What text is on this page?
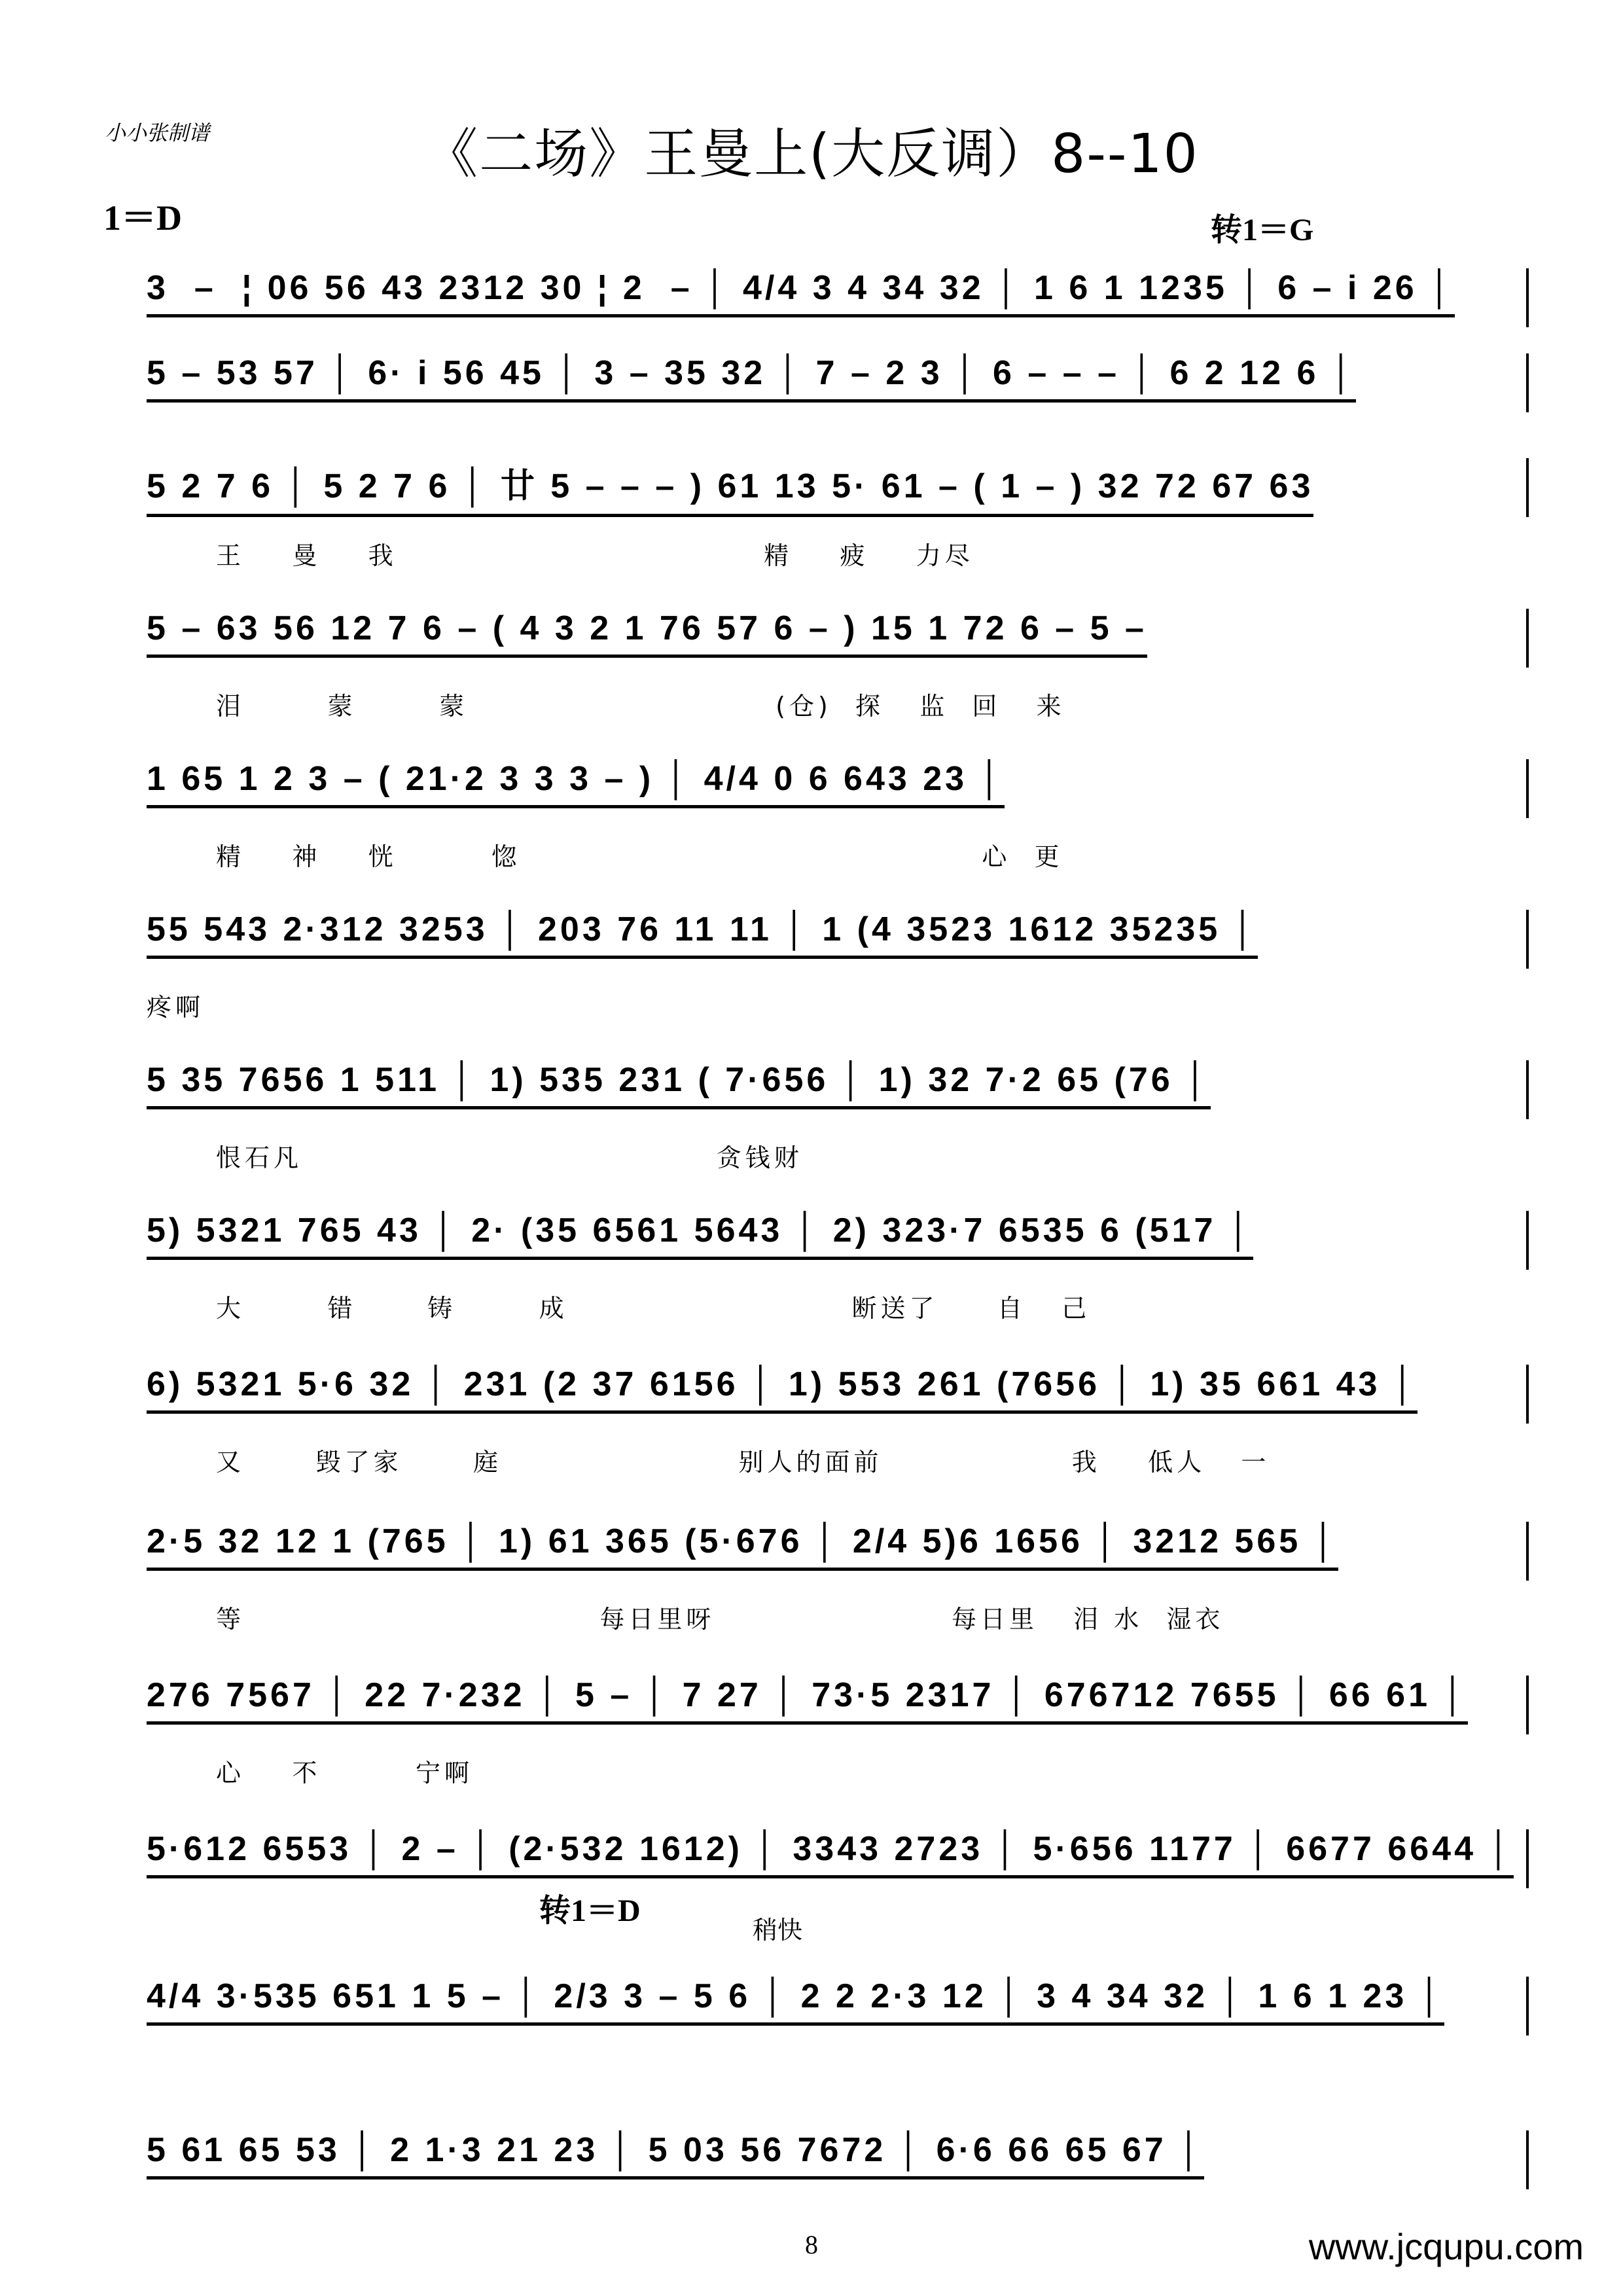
小小张制谱	《二场》王曼上(大反调）8--10
1＝D	转1＝G
转1＝D
稍快
3  –  ¦ 06 56 43 2312 30 ¦ 2  – │ 4/4 3 4 34 32 │ 1 6 1 1235 │ 6 – i 26 │
5 – 53 57 │ 6· i 56 45 │ 3 – 35 32 │ 7 – 2 3 │ 6 – – – │ 6 2 12 6 │
5 2 7 6 │ 5 2 7 6 │ 廿 5 – – – ) 61 13 5· 61 – ( 1 – ) 32 72 67 63
王    曼    我                               精    疲    力尽
5 – 63 56 12 7 6 – ( 4 3 2 1 76 57 6 – ) 15 1 72 6 – 5 –
泪       蒙       蒙                          (仓)  探   监  回   来
1 65 1 2 3 – ( 21·2 3 3 3 – ) │ 4/4 0 6 643 23 │
精    神    恍        惚                                       心  更
55 543 2·312 3253 │ 203 76 11 11 │ 1 (4 3523 1612 35235 │
疼啊
5 35 7656 1 511 │ 1) 535 231 ( 7·656 │ 1) 32 7·2 65 (76 │
恨石凡                                   贪钱财
5) 5321 765 43 │ 2· (35 6561 5643 │ 2) 323·7 6535 6 (517 │
大       错      铸       成                        断送了     自   己
6) 5321 5·6 32 │ 231 (2 37 6156 │ 1) 553 261 (7656 │ 1) 35 661 43 │
又      毁了家      庭                    别人的面前                我    低人   一
2·5 32 12 1 (765 │ 1) 61 365 (5·676 │ 2/4 5)6 1656 │ 3212 565 │
等                              每日里呀                    每日里   泪 水  湿衣
276 7567 │ 22 7·232 │ 5 – │ 7 27 │ 73·5 2317 │ 676712 7655 │ 66 61 │
心    不        宁啊
5·612 6553 │ 2 – │ (2·532 1612) │ 3343 2723 │ 5·656 1177 │ 6677 6644 │
4/4 3·535 651 1 5 – │ 2/3 3 – 5 6 │ 2 2 2·3 12 │ 3 4 34 32 │ 1 6 1 23 │
5 61 65 53 │ 2 1·3 21 23 │ 5 03 56 7672 │ 6·6 66 65 67 │
8	www.jcqupu.com
